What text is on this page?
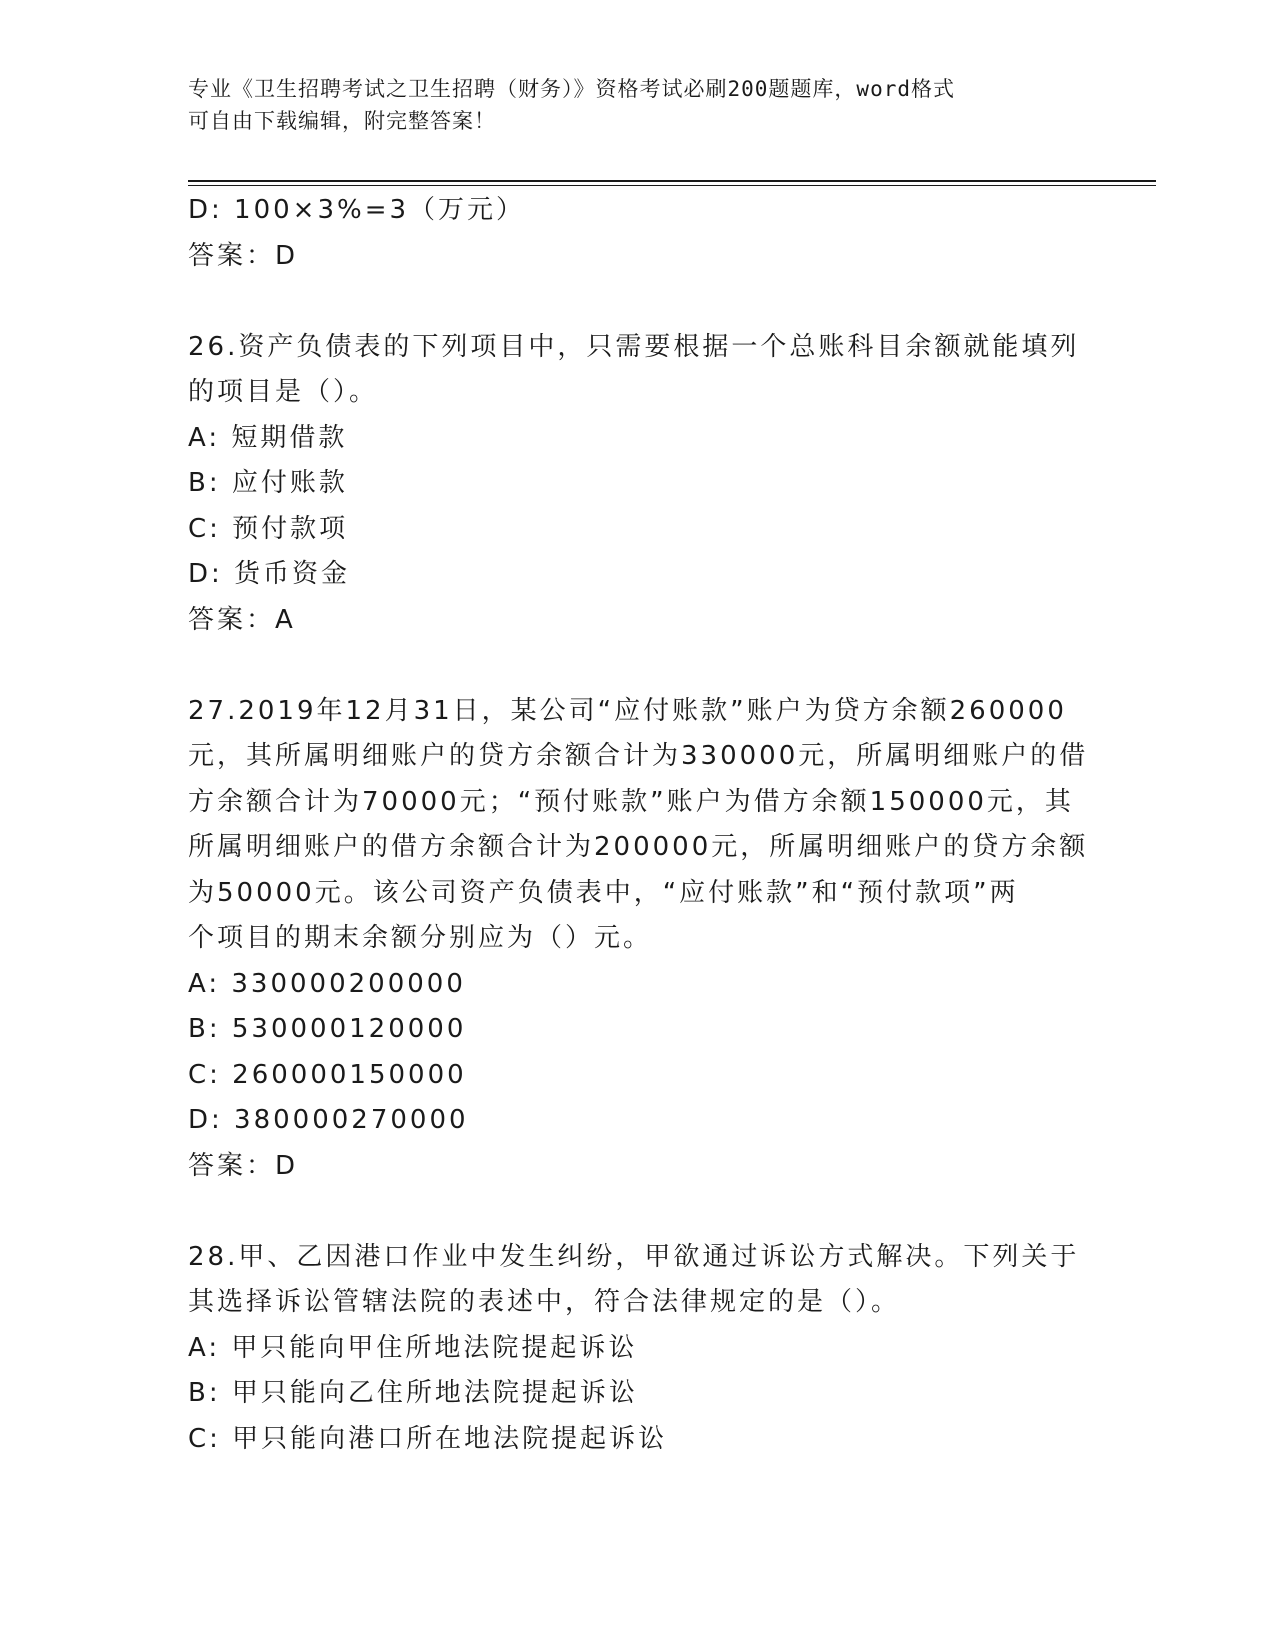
专业《卫生招聘考试之卫生招聘（财务）》资格考试必刷200题题库，word格式
可自由下载编辑，附完整答案！
D: 100×3%=3（万元）
答案：D
26.资产负债表的下列项目中，只需要根据一个总账科目余额就能填列
的项目是（）。
A: 短期借款
B: 应付账款
C: 预付款项
D: 货币资金
答案：A
27.2019年12月31日，某公司“应付账款”账户为贷方余额260000
元，其所属明细账户的贷方余额合计为330000元，所属明细账户的借
方余额合计为70000元；“预付账款”账户为借方余额150000元，其
所属明细账户的借方余额合计为200000元，所属明细账户的贷方余额
为50000元。该公司资产负债表中，“应付账款”和“预付款项”两
个项目的期末余额分别应为（）元。
A: 330000200000
B: 530000120000
C: 260000150000
D: 380000270000
答案：D
28.甲、乙因港口作业中发生纠纷，甲欲通过诉讼方式解决。下列关于
其选择诉讼管辖法院的表述中，符合法律规定的是（）。
A: 甲只能向甲住所地法院提起诉讼
B: 甲只能向乙住所地法院提起诉讼
C: 甲只能向港口所在地法院提起诉讼
